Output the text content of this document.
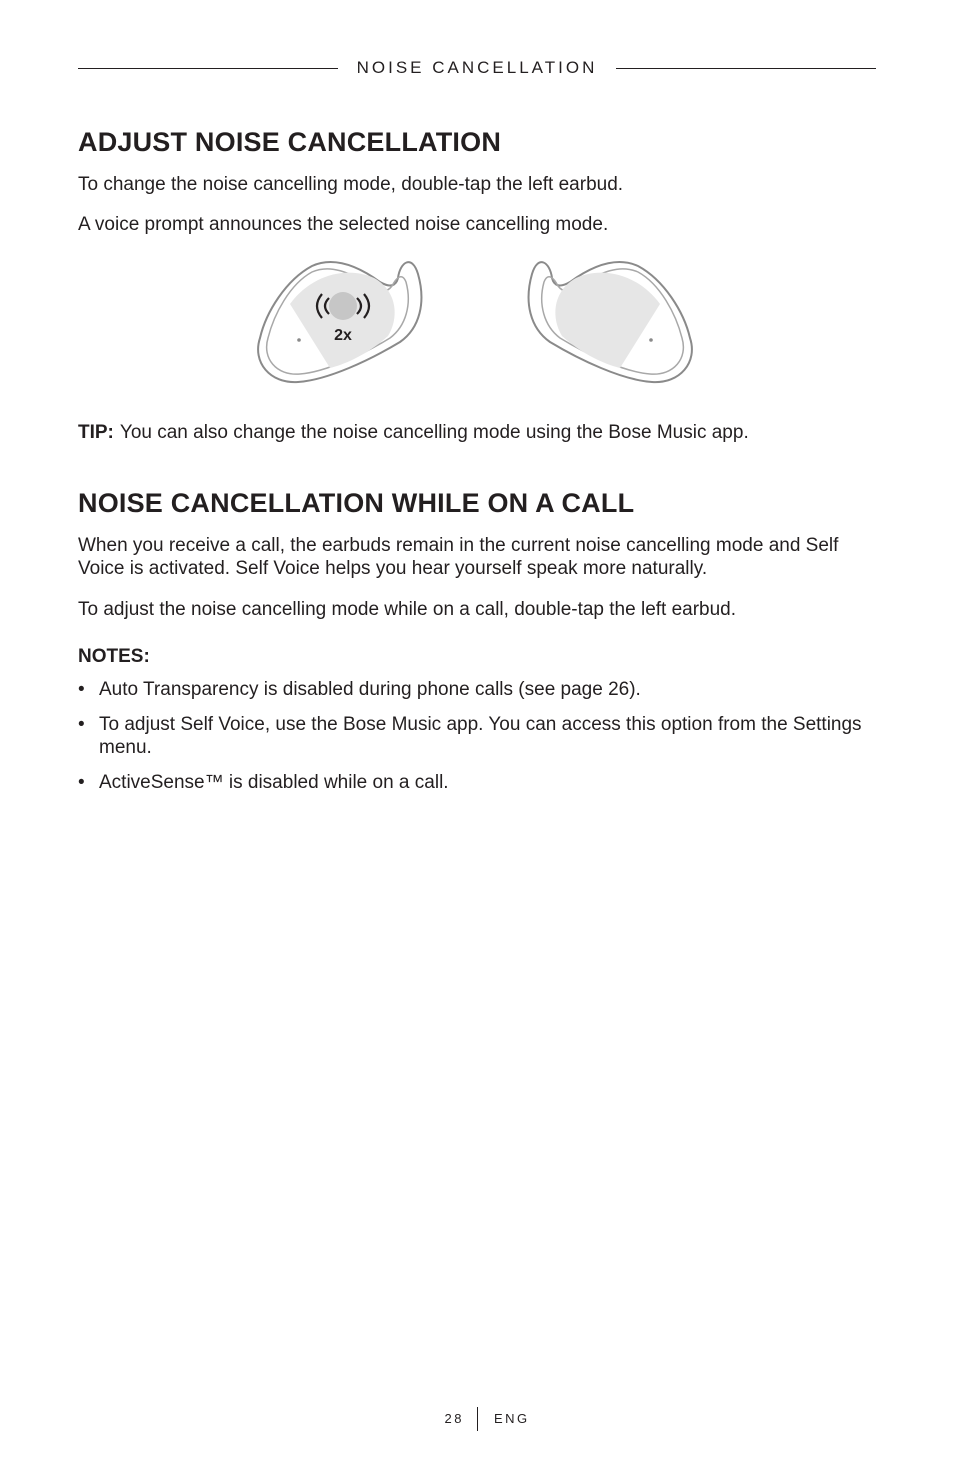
NOISE CANCELLATION
ADJUST NOISE CANCELLATION

To change the noise cancelling mode, double-tap the left earbud.

A voice prompt announces the selected noise cancelling mode.

2x

TIP: You can also change the noise cancelling mode using the Bose Music app.

NOISE CANCELLATION WHILE ON A CALL

When you receive a call, the earbuds remain in the current noise cancelling mode and Self Voice is activated. Self Voice helps you hear yourself speak more naturally.

To adjust the noise cancelling mode while on a call, double-tap the left earbud.

NOTES:

• Auto Transparency is disabled during phone calls (see page 26).
• To adjust Self Voice, use the Bose Music app. You can access this option from the Settings menu.
• ActiveSense™ is disabled while on a call.
28 ENG
